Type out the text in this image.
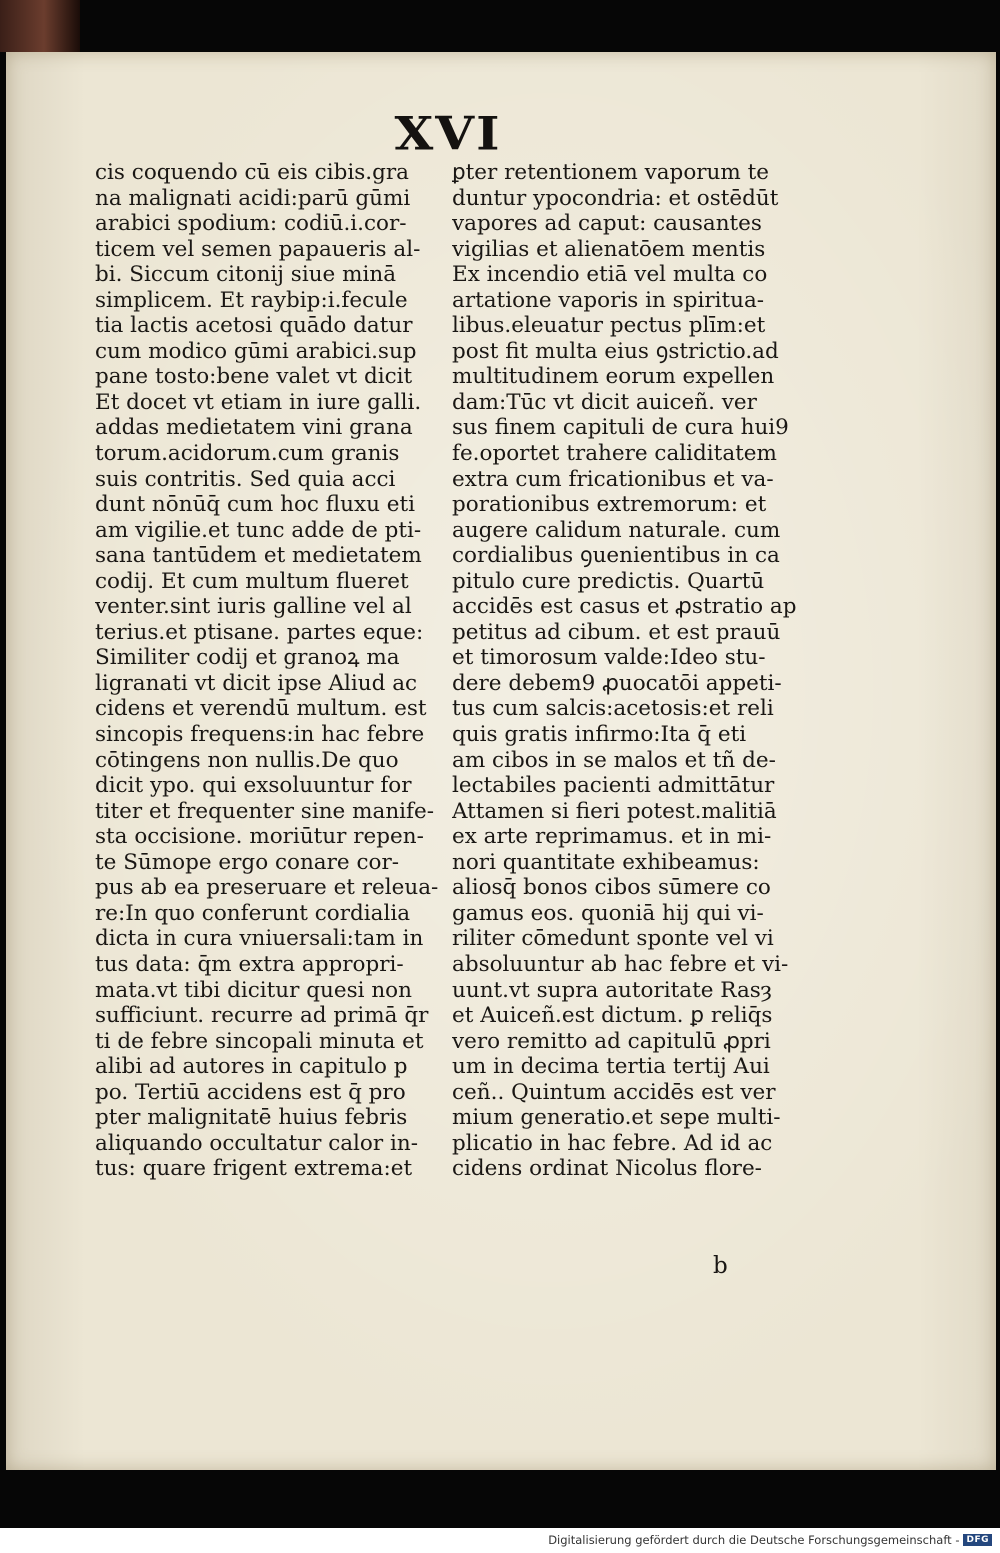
XVI
cis coquendo cū eis cibis.gra
na malignati acidi:parū gūmi
arabici spodium: codiū.i.cor-
ticem vel semen papaueris al-
bi. Siccum citonij siue minā
simplicem. Et raybip:i.fecule
tia lactis acetosi quādo datur
cum modico gūmi arabici.sup
pane tosto:bene valet vt dicit
Et docet vt etiam in iure galli.
addas medietatem vini grana
torum.acidorum.cum granis
suis contritis. Sed quia acci
dunt nōnūq̄ cum hoc fluxu eti
am vigilie.et tunc adde de pti-
sana tantūdem et medietatem
codij. Et cum multum flueret
venter.sint iuris galline vel al
terius.et ptisane. partes eque:
Similiter codij et granoꝝ ma
ligranati vt dicit ipse Aliud ac
cidens et verendū multum. est
sincopis frequens:in hac febre
cōtingens non nullis.De quo
dicit ypo. qui exsoluuntur for
titer et frequenter sine manife-
sta occisione. moriūtur repen-
te Sūmope ergo conare cor-
pus ab ea preseruare et releua-
re:In quo conferunt cordialia
dicta in cura vniuersali:tam in
tus data: q̄m extra appropri-
mata.vt tibi dicitur quesi non
sufficiunt. recurre ad primā q̄r
ti de febre sincopali minuta et
alibi ad autores in capitulo p
po. Tertiū accidens est q̄ pro
pter malignitatē huius febris
aliquando occultatur calor in-
tus: quare frigent extrema:et
ꝑter retentionem vaporum te
duntur ypocondria: et ostēdūt
vapores ad caput: causantes
vigilias et alienatōem mentis
Ex incendio etiā vel multa co
artatione vaporis in spiritua-
libus.eleuatur pectus plīm:et
post fit multa eius ꝯstrictio.ad
multitudinem eorum expellen
dam:Tūc vt dicit auiceñ. ver
sus finem capituli de cura hui9
fe.oportet trahere caliditatem
extra cum fricationibus et va-
porationibus extremorum: et
augere calidum naturale. cum
cordialibus ꝯuenientibus in ca
pitulo cure predictis. Quartū
accidēs est casus et ꝓstratio ap
petitus ad cibum. et est prauū
et timorosum valde:Ideo stu-
dere debem9 ꝓuocatōi appeti-
tus cum salcis:acetosis:et reli
quis gratis infirmo:Ita q̄ eti
am cibos in se malos et tñ de-
lectabiles pacienti admittātur
Attamen si fieri potest.malitiā
ex arte reprimamus. et in mi-
nori quantitate exhibeamus:
aliosq̄ bonos cibos sūmere co
gamus eos. quoniā hij qui vi-
riliter cōmedunt sponte vel vi
absoluuntur ab hac febre et vi-
uunt.vt supra autoritate Rasȝ
et Auiceñ.est dictum. ꝑ reliq̄s
vero remitto ad capitulū ꝓpri
um in decima tertia tertij Aui
ceñ.. Quintum accidēs est ver
mium generatio.et sepe multi-
plicatio in hac febre. Ad id ac
cidens ordinat Nicolus flore-
b
Digitalisierung gefördert durch die Deutsche Forschungsgemeinschaft - DFG
